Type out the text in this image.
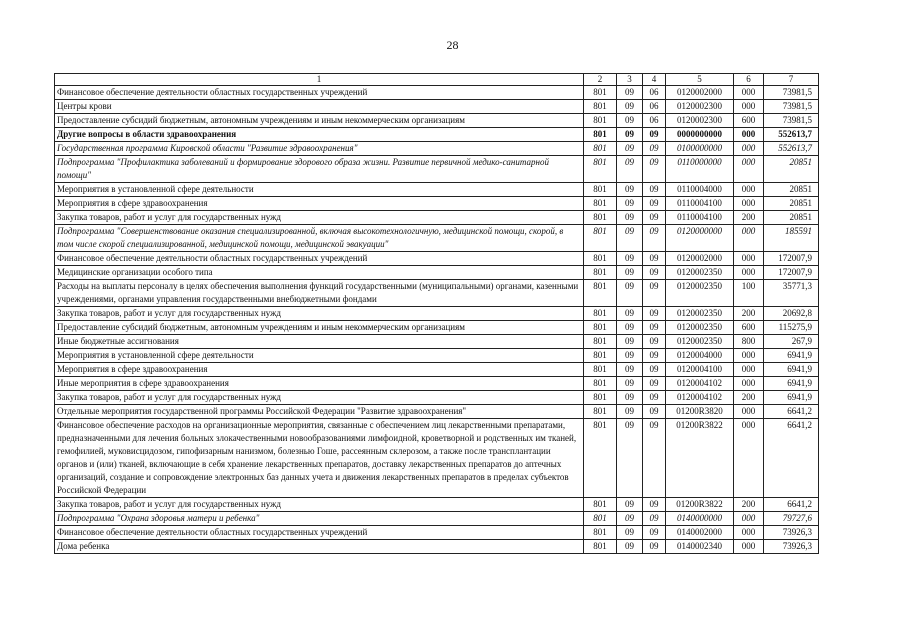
28
1	2	3	4	5	6	7
Финансовое обеспечение деятельности областных государственных учреждений	801	09	06	0120002000	000	73981,5
Центры крови	801	09	06	0120002300	000	73981,5
Предоставление субсидий бюджетным, автономным учреждениям и иным некоммерческим организациям	801	09	06	0120002300	600	73981,5
Другие вопросы в области здравоохранения	801	09	09	0000000000	000	552613,7
Государственная программа Кировской области "Развитие здравоохранения"	801	09	09	0100000000	000	552613,7
Подпрограмма "Профилактика заболеваний и формирование здорового образа жизни. Развитие первичной медико-санитарной помощи"	801	09	09	0110000000	000	20851
Мероприятия в установленной сфере деятельности	801	09	09	0110004000	000	20851
Мероприятия в сфере здравоохранения	801	09	09	0110004100	000	20851
Закупка товаров, работ и услуг для государственных нужд	801	09	09	0110004100	200	20851
Подпрограмма "Совершенствование оказания специализированной, включая высокотехнологичную, медицинской помощи, скорой, в том числе скорой специализированной, медицинской помощи, медицинской эвакуации"	801	09	09	0120000000	000	185591
Финансовое обеспечение деятельности областных государственных учреждений	801	09	09	0120002000	000	172007,9
Медицинские организации особого типа	801	09	09	0120002350	000	172007,9
Расходы на выплаты персоналу в целях обеспечения выполнения функций государственными (муниципальными) органами, казенными учреждениями, органами управления государственными внебюджетными фондами	801	09	09	0120002350	100	35771,3
Закупка товаров, работ и услуг для государственных нужд	801	09	09	0120002350	200	20692,8
Предоставление субсидий бюджетным, автономным учреждениям и иным некоммерческим организациям	801	09	09	0120002350	600	115275,9
Иные бюджетные ассигнования	801	09	09	0120002350	800	267,9
Мероприятия в установленной сфере деятельности	801	09	09	0120004000	000	6941,9
Мероприятия в сфере здравоохранения	801	09	09	0120004100	000	6941,9
Иные мероприятия в сфере здравоохранения	801	09	09	0120004102	000	6941,9
Закупка товаров, работ и услуг для государственных нужд	801	09	09	0120004102	200	6941,9
Отдельные мероприятия государственной программы Российской Федерации "Развитие здравоохранения"	801	09	09	01200R3820	000	6641,2
Финансовое обеспечение расходов на организационные мероприятия, связанные с обеспечением лиц лекарственными препаратами, предназначенными для лечения больных злокачественными новообразованиями лимфоидной, кроветворной и родственных им тканей, гемофилией, муковисцидозом, гипофизарным нанизмом, болезнью Гоше, рассеянным склерозом, а также после трансплантации органов и (или) тканей, включающие в себя хранение лекарственных препаратов, доставку лекарственных препаратов до аптечных организаций, создание и сопровождение электронных баз данных учета и движения лекарственных препаратов в пределах субъектов Российской Федерации	801	09	09	01200R3822	000	6641,2
Закупка товаров, работ и услуг для государственных нужд	801	09	09	01200R3822	200	6641,2
Подпрограмма "Охрана здоровья матери и ребенка"	801	09	09	0140000000	000	79727,6
Финансовое обеспечение деятельности областных государственных учреждений	801	09	09	0140002000	000	73926,3
Дома ребенка	801	09	09	0140002340	000	73926,3
